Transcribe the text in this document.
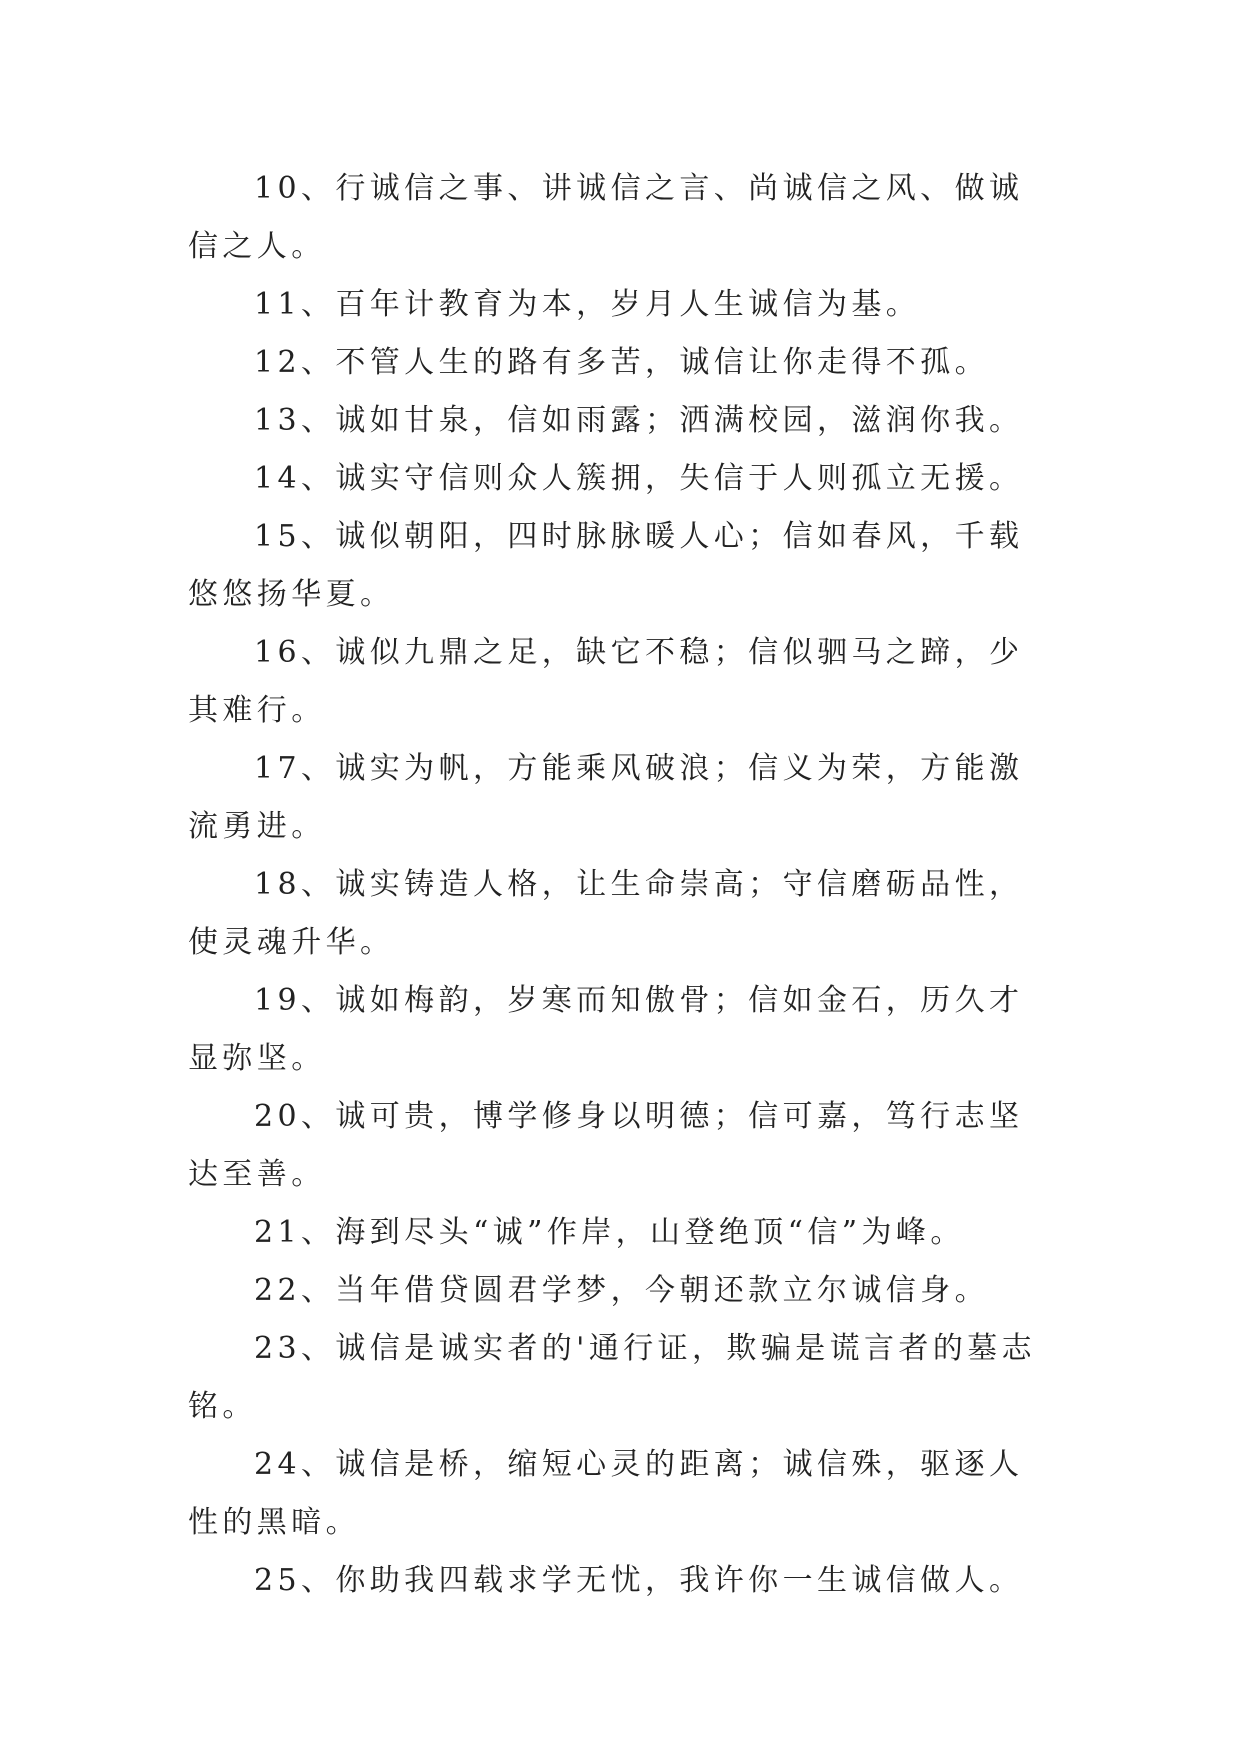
10、行诚信之事、讲诚信之言、尚诚信之风、做诚信之人。

11、百年计教育为本，岁月人生诚信为基。

12、不管人生的路有多苦，诚信让你走得不孤。

13、诚如甘泉，信如雨露；洒满校园，滋润你我。

14、诚实守信则众人簇拥，失信于人则孤立无援。

15、诚似朝阳，四时脉脉暖人心；信如春风，千载悠悠扬华夏。

16、诚似九鼎之足，缺它不稳；信似驷马之蹄，少其难行。

17、诚实为帆，方能乘风破浪；信义为荣，方能激流勇进。

18、诚实铸造人格，让生命崇高；守信磨砺品性，使灵魂升华。

19、诚如梅韵，岁寒而知傲骨；信如金石，历久才显弥坚。

20、诚可贵，博学修身以明德；信可嘉，笃行志坚达至善。

21、海到尽头“诚”作岸，山登绝顶“信”为峰。

22、当年借贷圆君学梦，今朝还款立尔诚信身。

23、诚信是诚实者的'通行证，欺骗是谎言者的墓志铭。

24、诚信是桥，缩短心灵的距离；诚信殊，驱逐人性的黑暗。

25、你助我四载求学无忧，我许你一生诚信做人。
